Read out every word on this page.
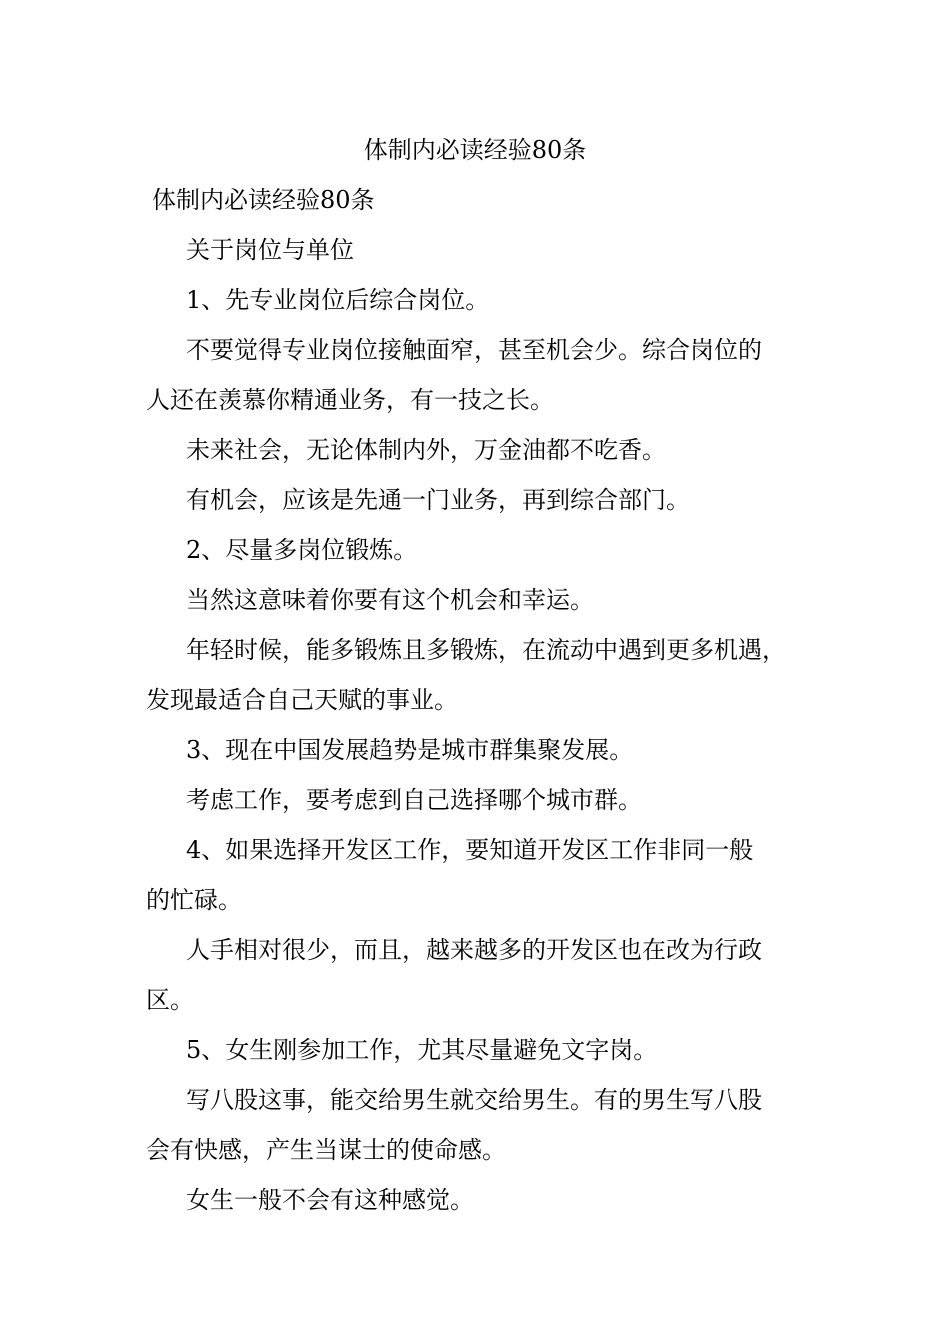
体制内必读经验80条
体制内必读经验80条
关于岗位与单位
1、先专业岗位后综合岗位。
不要觉得专业岗位接触面窄，甚至机会少。综合岗位的
人还在羡慕你精通业务，有一技之长。
未来社会，无论体制内外，万金油都不吃香。
有机会，应该是先通一门业务，再到综合部门。
2、尽量多岗位锻炼。
当然这意味着你要有这个机会和幸运。
年轻时候，能多锻炼且多锻炼，在流动中遇到更多机遇，
发现最适合自己天赋的事业。
3、现在中国发展趋势是城市群集聚发展。
考虑工作，要考虑到自己选择哪个城市群。
4、如果选择开发区工作，要知道开发区工作非同一般
的忙碌。
人手相对很少，而且，越来越多的开发区也在改为行政
区。
5、女生刚参加工作，尤其尽量避免文字岗。
写八股这事，能交给男生就交给男生。有的男生写八股
会有快感，产生当谋士的使命感。
女生一般不会有这种感觉。
